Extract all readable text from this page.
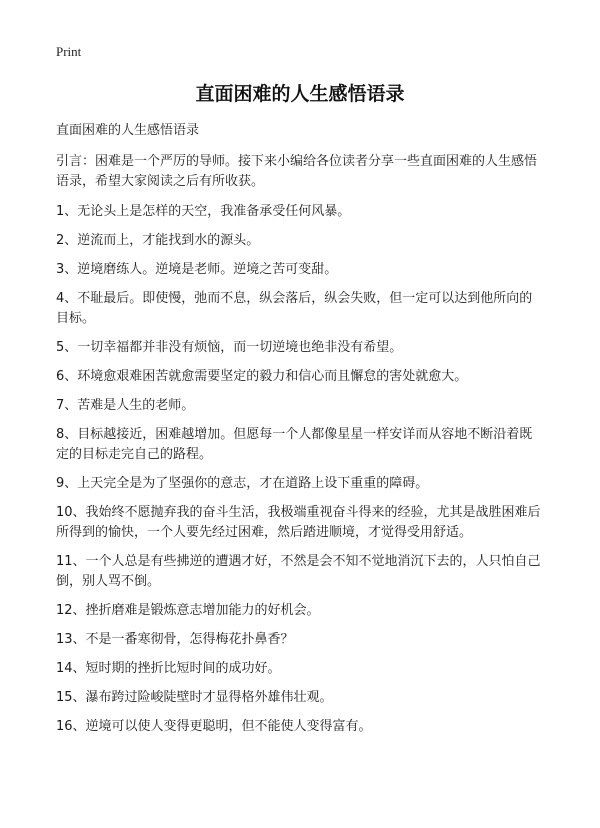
Print
直面困难的人生感悟语录
直面困难的人生感悟语录
引言：困难是一个严厉的导师。接下来小编给各位读者分享一些直面困难的人生感悟语录，希望大家阅读之后有所收获。
1、无论头上是怎样的天空，我准备承受任何风暴。
2、逆流而上，才能找到水的源头。
3、逆境磨练人。逆境是老师。逆境之苦可变甜。
4、不耻最后。即使慢，弛而不息，纵会落后，纵会失败，但一定可以达到他所向的目标。
5、一切幸福都并非没有烦恼，而一切逆境也绝非没有希望。
6、环境愈艰难困苦就愈需要坚定的毅力和信心而且懈怠的害处就愈大。
7、苦难是人生的老师。
8、目标越接近，困难越增加。但愿每一个人都像星星一样安详而从容地不断沿着既定的目标走完自己的路程。
9、上天完全是为了坚强你的意志，才在道路上设下重重的障碍。
10、我始终不愿抛弃我的奋斗生活，我极端重视奋斗得来的经验，尤其是战胜困难后所得到的愉快，一个人要先经过困难，然后踏进顺境，才觉得受用舒适。
11、一个人总是有些拂逆的遭遇才好，不然是会不知不觉地消沉下去的，人只怕自己倒，别人骂不倒。
12、挫折磨难是锻炼意志增加能力的好机会。
13、不是一番寒彻骨，怎得梅花扑鼻香？
14、短时期的挫折比短时间的成功好。
15、瀑布跨过险峻陡壁时才显得格外雄伟壮观。
16、逆境可以使人变得更聪明，但不能使人变得富有。
